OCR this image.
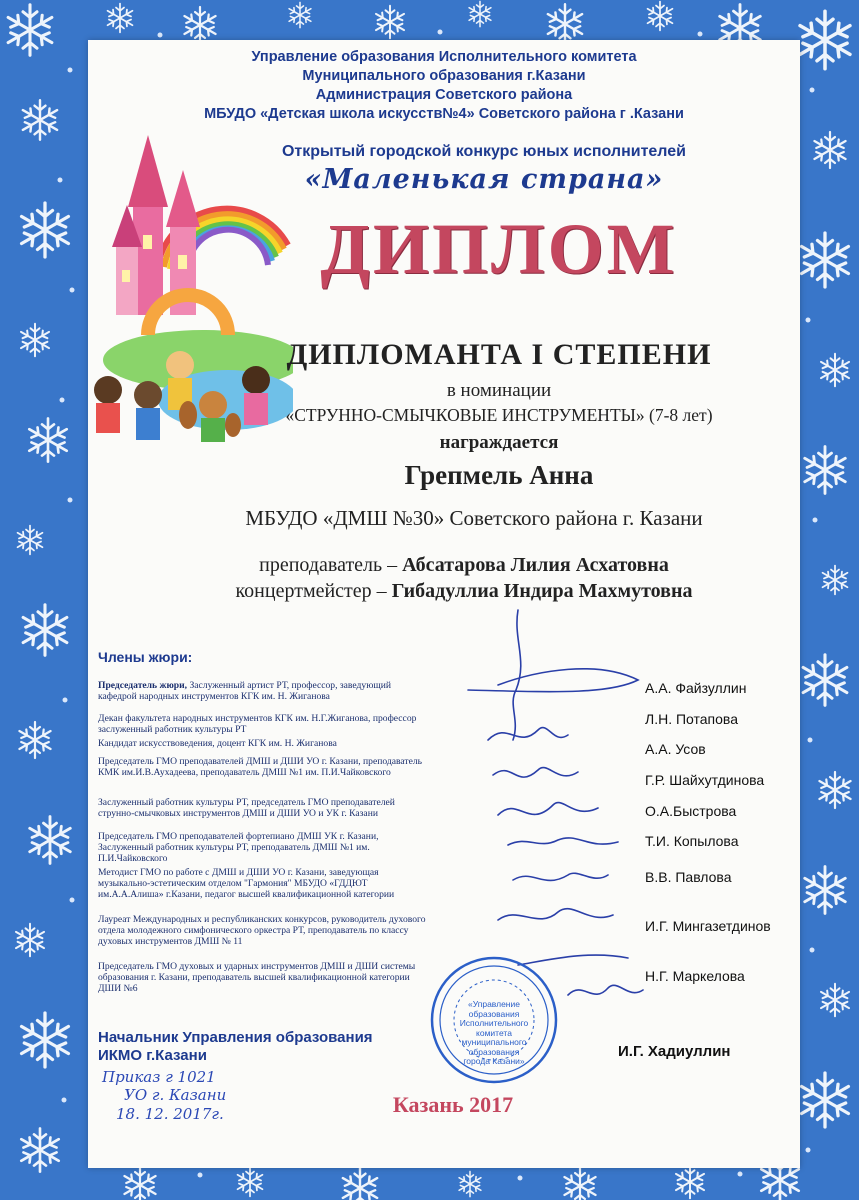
Управление образования Исполнительного комитета
Муниципального образования г.Казани
Администрация Советского района
МБУДО «Детская школа искусств№4» Советского района г .Казани
Открытый городской конкурс юных исполнителей
«Маленькая страна»
ДИПЛОМ
ДИПЛОМАНТА I СТЕПЕНИ
в номинации
«СТРУННО-СМЫЧКОВЫЕ ИНСТРУМЕНТЫ» (7-8 лет)
награждается
Грепмель Анна
МБУДО «ДМШ №30» Советского района г. Казани
преподаватель – Абсатарова Лилия Асхатовна
концертмейстер – Гибадуллиа Индира Махмутовна
Члены жюри:
Председатель жюри, Заслуженный артист РТ, профессор, заведующий кафедрой народных инструментов КГК им. Н. Жиганова
Декан факультета народных инструментов КГК им. Н.Г.Жиганова, профессор заслуженный работник культуры РТ
Кандидат искусствоведения, доцент КГК им. Н. Жиганова
Председатель ГМО преподавателей ДМШ и ДШИ УО г. Казани, преподаватель КМК им.И.В.Аухадеева, преподаватель ДМШ №1 им. П.И.Чайковского
Заслуженный работник культуры РТ, председатель ГМО преподавателей струнно-смычковых инструментов ДМШ и ДШИ УО и УК г. Казани
Председатель ГМО преподавателей фортепиано ДМШ УК г. Казани, Заслуженный работник культуры РТ, преподаватель ДМШ №1 им. П.И.Чайковского
Методист ГМО по работе с ДМШ и ДШИ УО г. Казани, заведующая музыкально-эстетическим отделом "Гармония" МБУДО «ГДДЮТ им.А.А.Алиша» г.Казани, педагог высшей квалификационной категории
Лауреат Международных и республиканских конкурсов, руководитель духового отдела молодежного симфонического оркестра РТ, преподаватель по классу духовых инструментов ДМШ № 11
Председатель ГМО духовых и ударных инструментов ДМШ и ДШИ системы образования г. Казани, преподаватель высшей квалификационной категории ДШИ №6
А.А. Файзуллин
Л.Н. Потапова
А.А. Усов
Г.Р. Шайхутдинова
О.А.Быстрова
Т.И. Копылова
В.В. Павлова
И.Г. Мингазетдинов
Н.Г. Маркелова
«Управление образования Исполнительного комитета муниципального образования города Казани»
Начальник Управления образования
ИКМО г.Казани	И.Г. Хадиуллин
Приказ г 1021
УО г. Казани
18. 12. 2017г.	Казань 2017
